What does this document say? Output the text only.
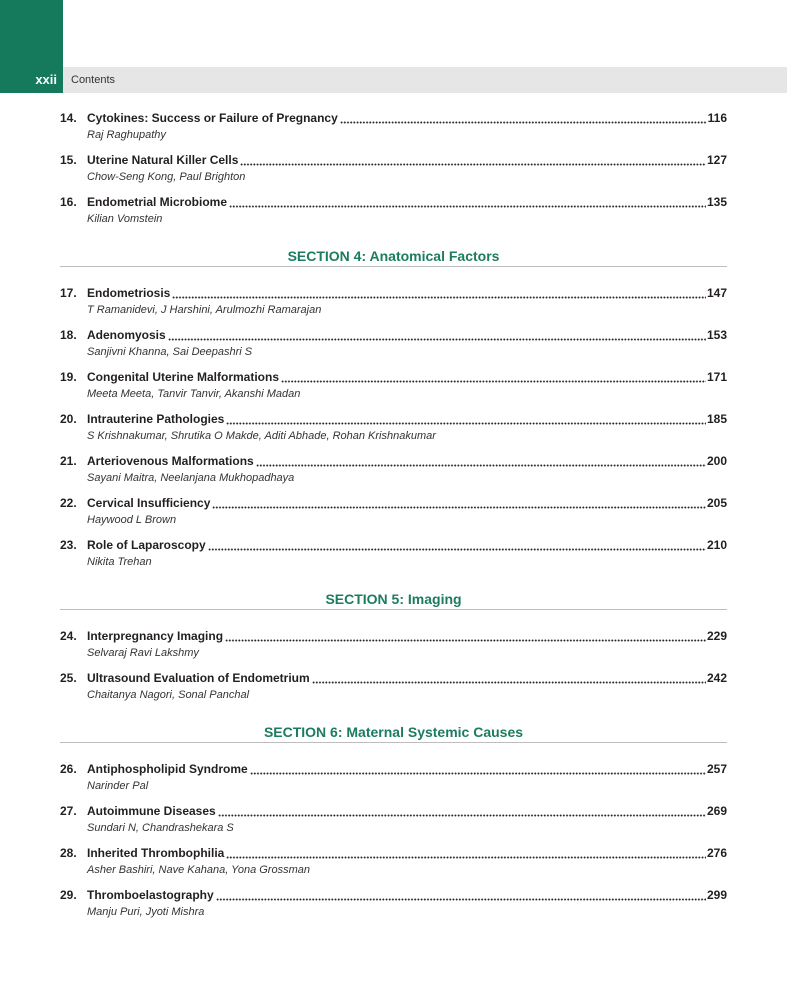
xxii Contents
14. Cytokines: Success or Failure of Pregnancy	116
Raj Raghupathy
15. Uterine Natural Killer Cells	127
Chow-Seng Kong, Paul Brighton
16. Endometrial Microbiome	135
Kilian Vomstein
SECTION 4: Anatomical Factors
17. Endometriosis	147
T Ramanidevi, J Harshini, Arulmozhi Ramarajan
18. Adenomyosis	153
Sanjivni Khanna, Sai Deepashri S
19. Congenital Uterine Malformations	171
Meeta Meeta, Tanvir Tanvir, Akanshi Madan
20. Intrauterine Pathologies	185
S Krishnakumar, Shrutika O Makde, Aditi Abhade, Rohan Krishnakumar
21. Arteriovenous Malformations	200
Sayani Maitra, Neelanjana Mukhopadhaya
22. Cervical Insufficiency	205
Haywood L Brown
23. Role of Laparoscopy	210
Nikita Trehan
SECTION 5: Imaging
24. Interpregnancy Imaging	229
Selvaraj Ravi Lakshmy
25. Ultrasound Evaluation of Endometrium	242
Chaitanya Nagori, Sonal Panchal
SECTION 6: Maternal Systemic Causes
26. Antiphospholipid Syndrome	257
Narinder Pal
27. Autoimmune Diseases	269
Sundari N, Chandrashekara S
28. Inherited Thrombophilia	276
Asher Bashiri, Nave Kahana, Yona Grossman
29. Thromboelastography	299
Manju Puri, Jyoti Mishra
